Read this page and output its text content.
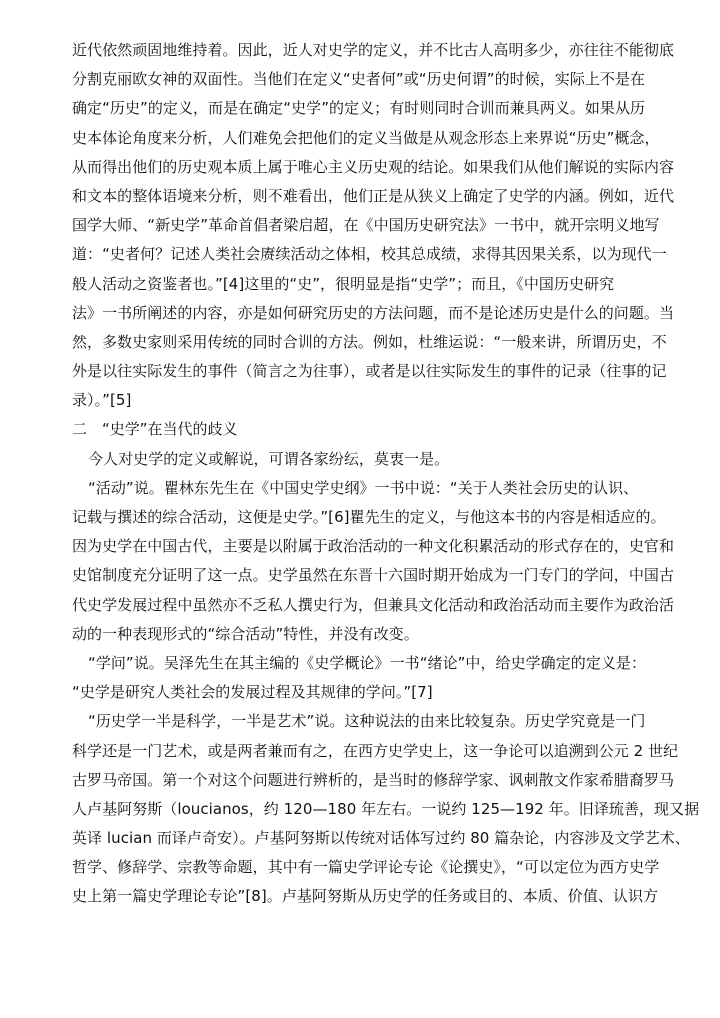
近代依然顽固地维持着。因此，近人对史学的定义，并不比古人高明多少，亦往往不能彻底
分割克丽欧女神的双面性。当他们在定义“史者何”或“历史何谓”的时候，实际上不是在
确定“历史”的定义，而是在确定“史学”的定义；有时则同时合训而兼具两义。如果从历
史本体论角度来分析，人们难免会把他们的定义当做是从观念形态上来界说“历史”概念，
从而得出他们的历史观本质上属于唯心主义历史观的结论。如果我们从他们解说的实际内容
和文本的整体语境来分析，则不难看出，他们正是从狭义上确定了史学的内涵。例如，近代
国学大师、“新史学”革命首倡者梁启超，在《中国历史研究法》一书中，就开宗明义地写
道：“史者何？记述人类社会赓续活动之体相，校其总成绩，求得其因果关系，以为现代一
般人活动之资鉴者也。”[4]这里的“史”，很明显是指“史学”；而且，《中国历史研究
法》一书所阐述的内容，亦是如何研究历史的方法问题，而不是论述历史是什么的问题。当
然，多数史家则采用传统的同时合训的方法。例如，杜维运说：“一般来讲，所谓历史，不
外是以往实际发生的事件（简言之为往事），或者是以往实际发生的事件的记录（往事的记
录）。”[5]
二　“史学”在当代的歧义
今人对史学的定义或解说，可谓各家纷纭，莫衷一是。
“活动”说。瞿林东先生在《中国史学史纲》一书中说：“关于人类社会历史的认识、
记载与撰述的综合活动，这便是史学。”[6]瞿先生的定义，与他这本书的内容是相适应的。
因为史学在中国古代，主要是以附属于政治活动的一种文化积累活动的形式存在的，史官和
史馆制度充分证明了这一点。史学虽然在东晋十六国时期开始成为一门专门的学问，中国古
代史学发展过程中虽然亦不乏私人撰史行为，但兼具文化活动和政治活动而主要作为政治活
动的一种表现形式的“综合活动”特性，并没有改变。
“学问”说。吴泽先生在其主编的《史学概论》一书“绪论”中，给史学确定的定义是：
“史学是研究人类社会的发展过程及其规律的学问。”[7]
“历史学一半是科学，一半是艺术”说。这种说法的由来比较复杂。历史学究竟是一门
科学还是一门艺术，或是两者兼而有之，在西方史学史上，这一争论可以追溯到公元 2 世纪
古罗马帝国。第一个对这个问题进行辨析的，是当时的修辞学家、讽刺散文作家希腊裔罗马
人卢基阿努斯（loucianos，约 120—180 年左右。一说约 125—192 年。旧译琉善，现又据
英译 lucian 而译卢奇安）。卢基阿努斯以传统对话体写过约 80 篇杂论，内容涉及文学艺术、
哲学、修辞学、宗教等命题，其中有一篇史学评论专论《论撰史》，“可以定位为西方史学
史上第一篇史学理论专论”[8]。卢基阿努斯从历史学的任务或目的、本质、价值、认识方
